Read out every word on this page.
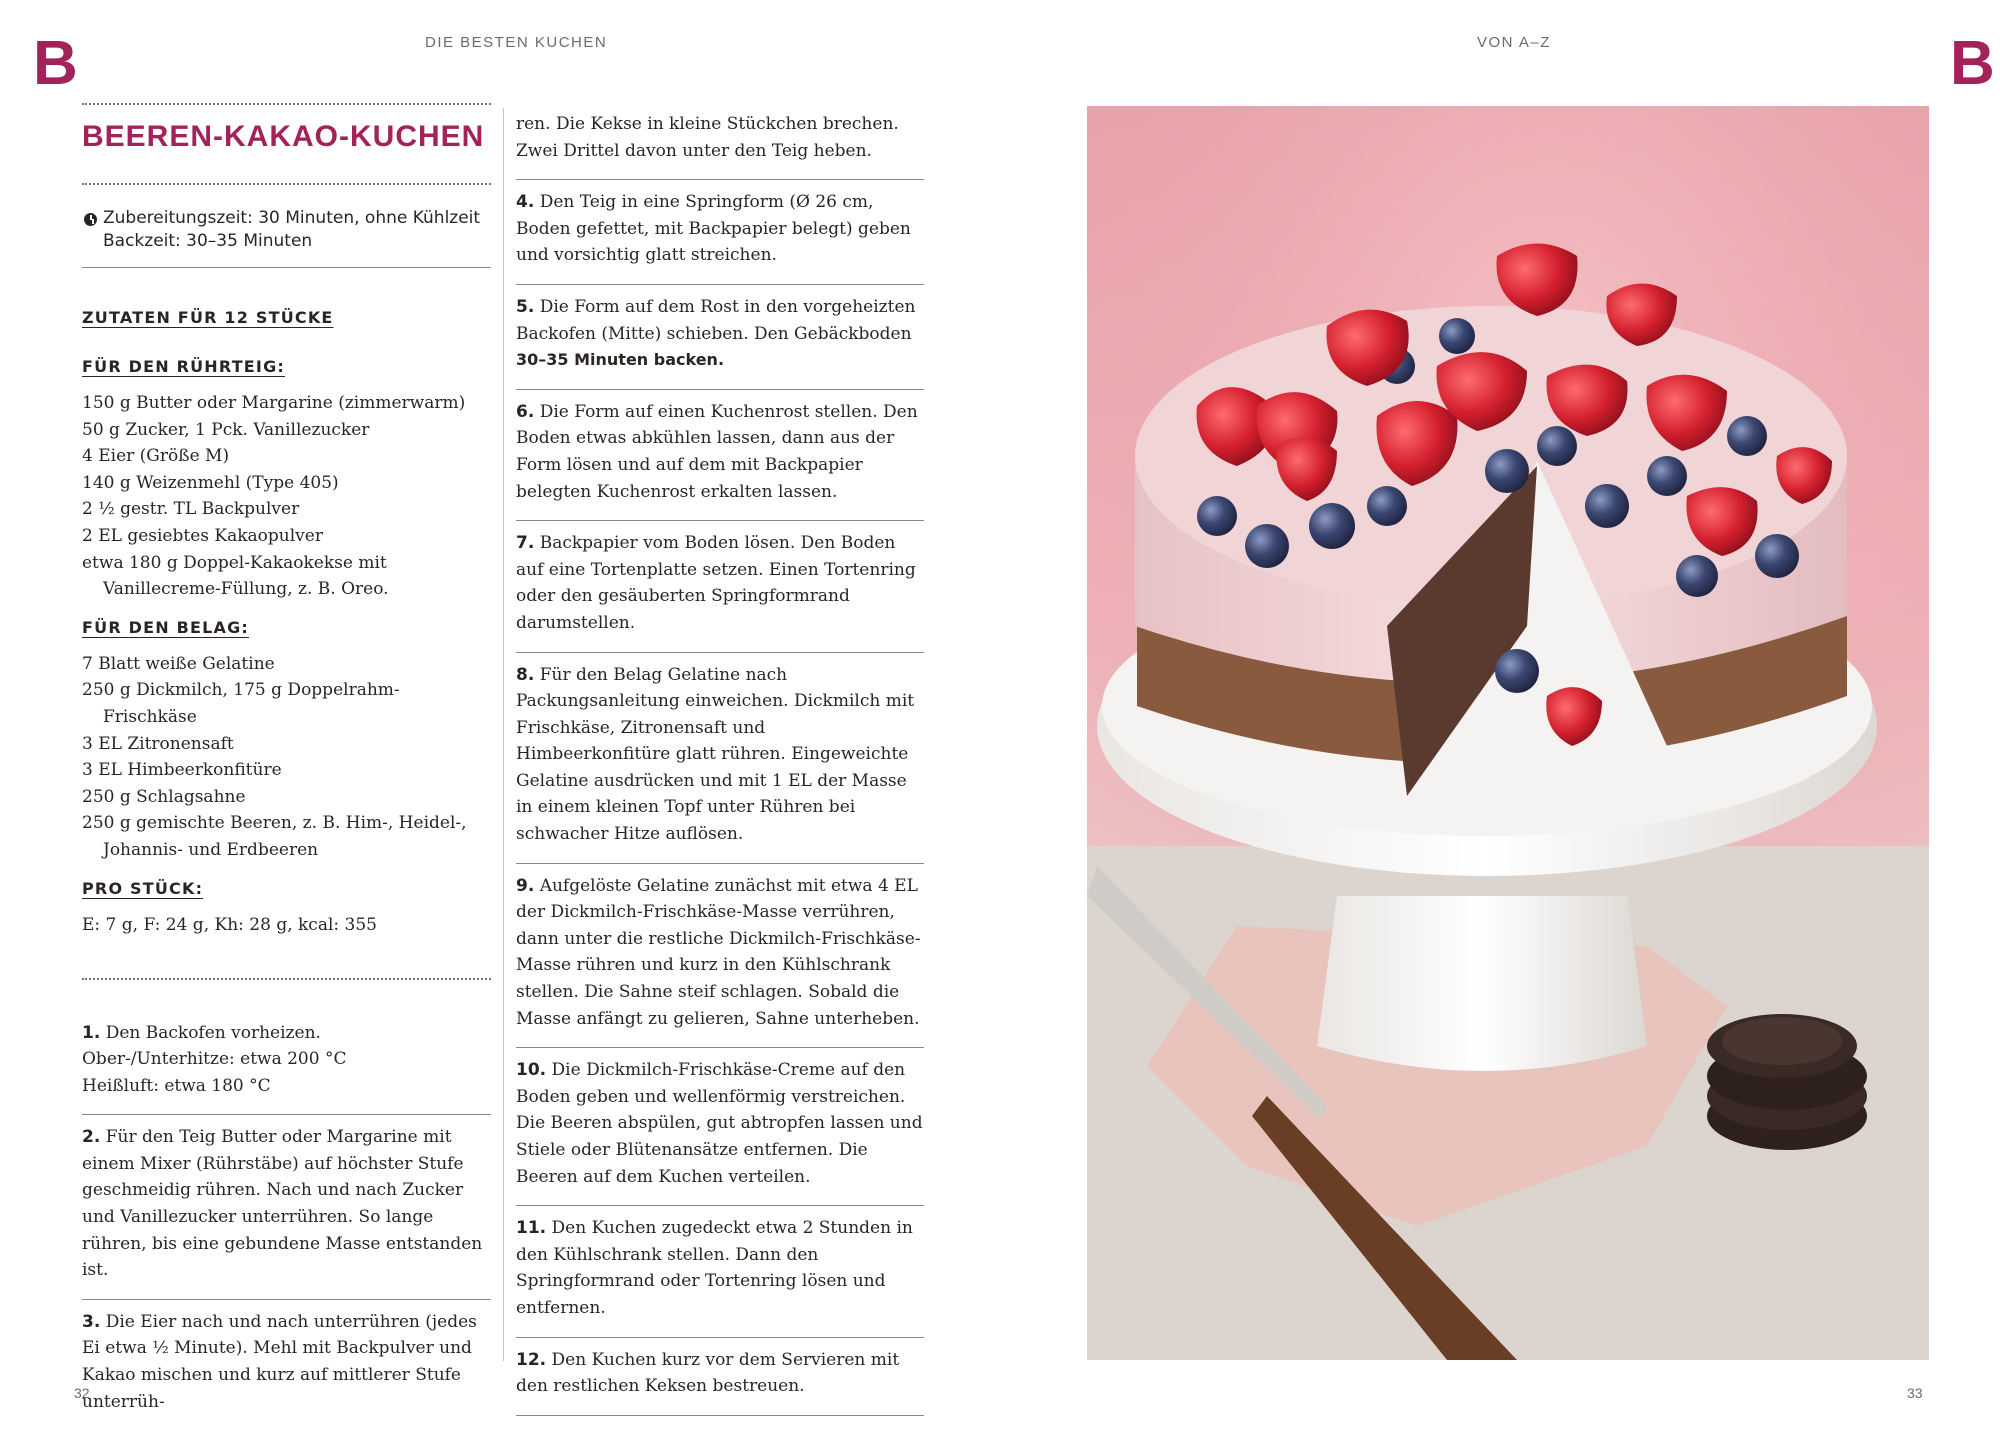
B	DIE BESTEN KUCHEN	VON A–Z	B
BEEREN-KAKAO-KUCHEN
Zubereitungszeit: 30 Minuten, ohne Kühlzeit
Backzeit: 30–35 Minuten
ZUTATEN FÜR 12 STÜCKE
FÜR DEN RÜHRTEIG:
150 g Butter oder Margarine (zimmerwarm)
50 g Zucker, 1 Pck. Vanillezucker
4 Eier (Größe M)
140 g Weizenmehl (Type 405)
2 ½ gestr. TL Backpulver
2 EL gesiebtes Kakaopulver
etwa 180 g Doppel-Kakaokekse mit Vanillecreme-Füllung, z. B. Oreo.
FÜR DEN BELAG:
7 Blatt weiße Gelatine
250 g Dickmilch, 175 g Doppelrahm-Frischkäse
3 EL Zitronensaft
3 EL Himbeerkonfitüre
250 g Schlagsahne
250 g gemischte Beeren, z. B. Him-, Heidel-, Johannis- und Erdbeeren
PRO STÜCK:
E: 7 g, F: 24 g, Kh: 28 g, kcal: 355
1. Den Backofen vorheizen.
Ober-/Unterhitze: etwa 200 °C
Heißluft: etwa 180 °C
2. Für den Teig Butter oder Margarine mit einem Mixer (Rührstäbe) auf höchster Stufe geschmeidig rühren. Nach und nach Zucker und Vanillezucker unterrühren. So lange rühren, bis eine gebundene Masse entstanden ist.
3. Die Eier nach und nach unterrühren (jedes Ei etwa ½ Minute). Mehl mit Backpulver und Kakao mischen und kurz auf mittlerer Stufe unterrüh-
ren. Die Kekse in kleine Stückchen brechen. Zwei Drittel davon unter den Teig heben.
4. Den Teig in eine Springform (Ø 26 cm, Boden gefettet, mit Backpapier belegt) geben und vorsichtig glatt streichen.
5. Die Form auf dem Rost in den vorgeheizten Backofen (Mitte) schieben. Den Gebäckboden
30–35 Minuten backen.
6. Die Form auf einen Kuchenrost stellen. Den Boden etwas abkühlen lassen, dann aus der Form lösen und auf dem mit Backpapier belegten Kuchenrost erkalten lassen.
7. Backpapier vom Boden lösen. Den Boden auf eine Tortenplatte setzen. Einen Tortenring oder den gesäuberten Springformrand darumstellen.
8. Für den Belag Gelatine nach Packungsanleitung einweichen. Dickmilch mit Frischkäse, Zitronensaft und Himbeerkonfitüre glatt rühren. Eingeweichte Gelatine ausdrücken und mit 1 EL der Masse in einem kleinen Topf unter Rühren bei schwacher Hitze auflösen.
9. Aufgelöste Gelatine zunächst mit etwa 4 EL der Dickmilch-Frischkäse-Masse verrühren, dann unter die restliche Dickmilch-Frischkäse-Masse rühren und kurz in den Kühlschrank stellen. Die Sahne steif schlagen. Sobald die Masse anfängt zu gelieren, Sahne unterheben.
10. Die Dickmilch-Frischkäse-Creme auf den Boden geben und wellenförmig verstreichen. Die Beeren abspülen, gut abtropfen lassen und Stiele oder Blütenansätze entfernen. Die Beeren auf dem Kuchen verteilen.
11. Den Kuchen zugedeckt etwa 2 Stunden in den Kühlschrank stellen. Dann den Springformrand oder Tortenring lösen und entfernen.
12. Den Kuchen kurz vor dem Servieren mit den restlichen Keksen bestreuen.
32	33
